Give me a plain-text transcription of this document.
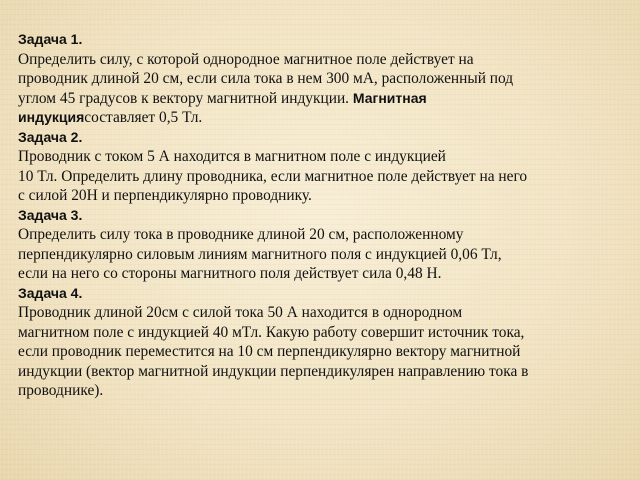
Задача 1.
Определить силу, с которой однородное магнитное поле действует на
проводник длиной 20 см, если сила тока в нем 300 мА, расположенный под
углом 45 градусов к вектору магнитной индукции. Магнитная
индукциясоставляет 0,5 Тл.
Задача 2.
Проводник с током 5 А находится в магнитном поле с индукцией
10 Тл. Определить длину проводника, если магнитное поле действует на него
с силой 20Н и перпендикулярно проводнику.
Задача 3.
Определить силу тока в проводнике длиной 20 см, расположенному
перпендикулярно силовым линиям магнитного поля с индукцией 0,06 Тл,
если на него со стороны магнитного поля действует сила 0,48 Н.
Задача 4.
Проводник длиной 20см с силой тока 50 А находится в однородном
магнитном поле с индукцией 40 мТл. Какую работу совершит источник тока,
если проводник переместится на 10 см перпендикулярно вектору магнитной
индукции (вектор магнитной индукции перпендикулярен направлению тока в
проводнике).
